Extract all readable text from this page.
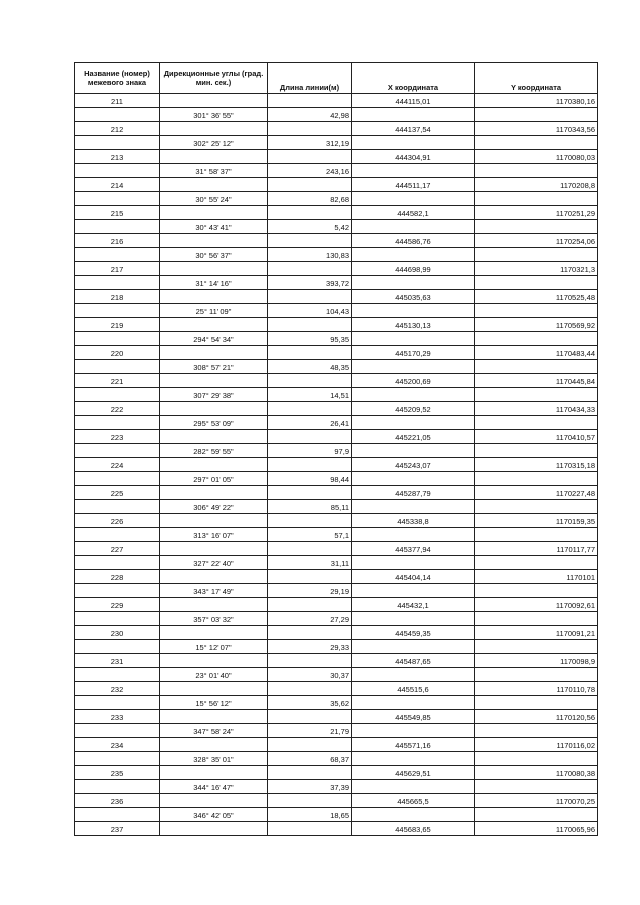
Название (номер) межевого знака	Дирекционные углы (град. мин. сек.)	Длина линии(м)	X координата	Y координата
211			444115,01	1170380,16
	301° 36' 55"	42,98		
212			444137,54	1170343,56
	302° 25' 12"	312,19		
213			444304,91	1170080,03
	31° 58' 37"	243,16		
214			444511,17	1170208,8
	30° 55' 24"	82,68		
215			444582,1	1170251,29
	30° 43' 41"	5,42		
216			444586,76	1170254,06
	30° 56' 37"	130,83		
217			444698,99	1170321,3
	31° 14' 16"	393,72		
218			445035,63	1170525,48
	25° 11' 09"	104,43		
219			445130,13	1170569,92
	294° 54' 34"	95,35		
220			445170,29	1170483,44
	308° 57' 21"	48,35		
221			445200,69	1170445,84
	307° 29' 38"	14,51		
222			445209,52	1170434,33
	295° 53' 09"	26,41		
223			445221,05	1170410,57
	282° 59' 55"	97,9		
224			445243,07	1170315,18
	297° 01' 05"	98,44		
225			445287,79	1170227,48
	306° 49' 22"	85,11		
226			445338,8	1170159,35
	313° 16' 07"	57,1		
227			445377,94	1170117,77
	327° 22' 40"	31,11		
228			445404,14	1170101
	343° 17' 49"	29,19		
229			445432,1	1170092,61
	357° 03' 32"	27,29		
230			445459,35	1170091,21
	15° 12' 07"	29,33		
231			445487,65	1170098,9
	23° 01' 40"	30,37		
232			445515,6	1170110,78
	15° 56' 12"	35,62		
233			445549,85	1170120,56
	347° 58' 24"	21,79		
234			445571,16	1170116,02
	328° 35' 01"	68,37		
235			445629,51	1170080,38
	344° 16' 47"	37,39		
236			445665,5	1170070,25
	346° 42' 05"	18,65		
237			445683,65	1170065,96
